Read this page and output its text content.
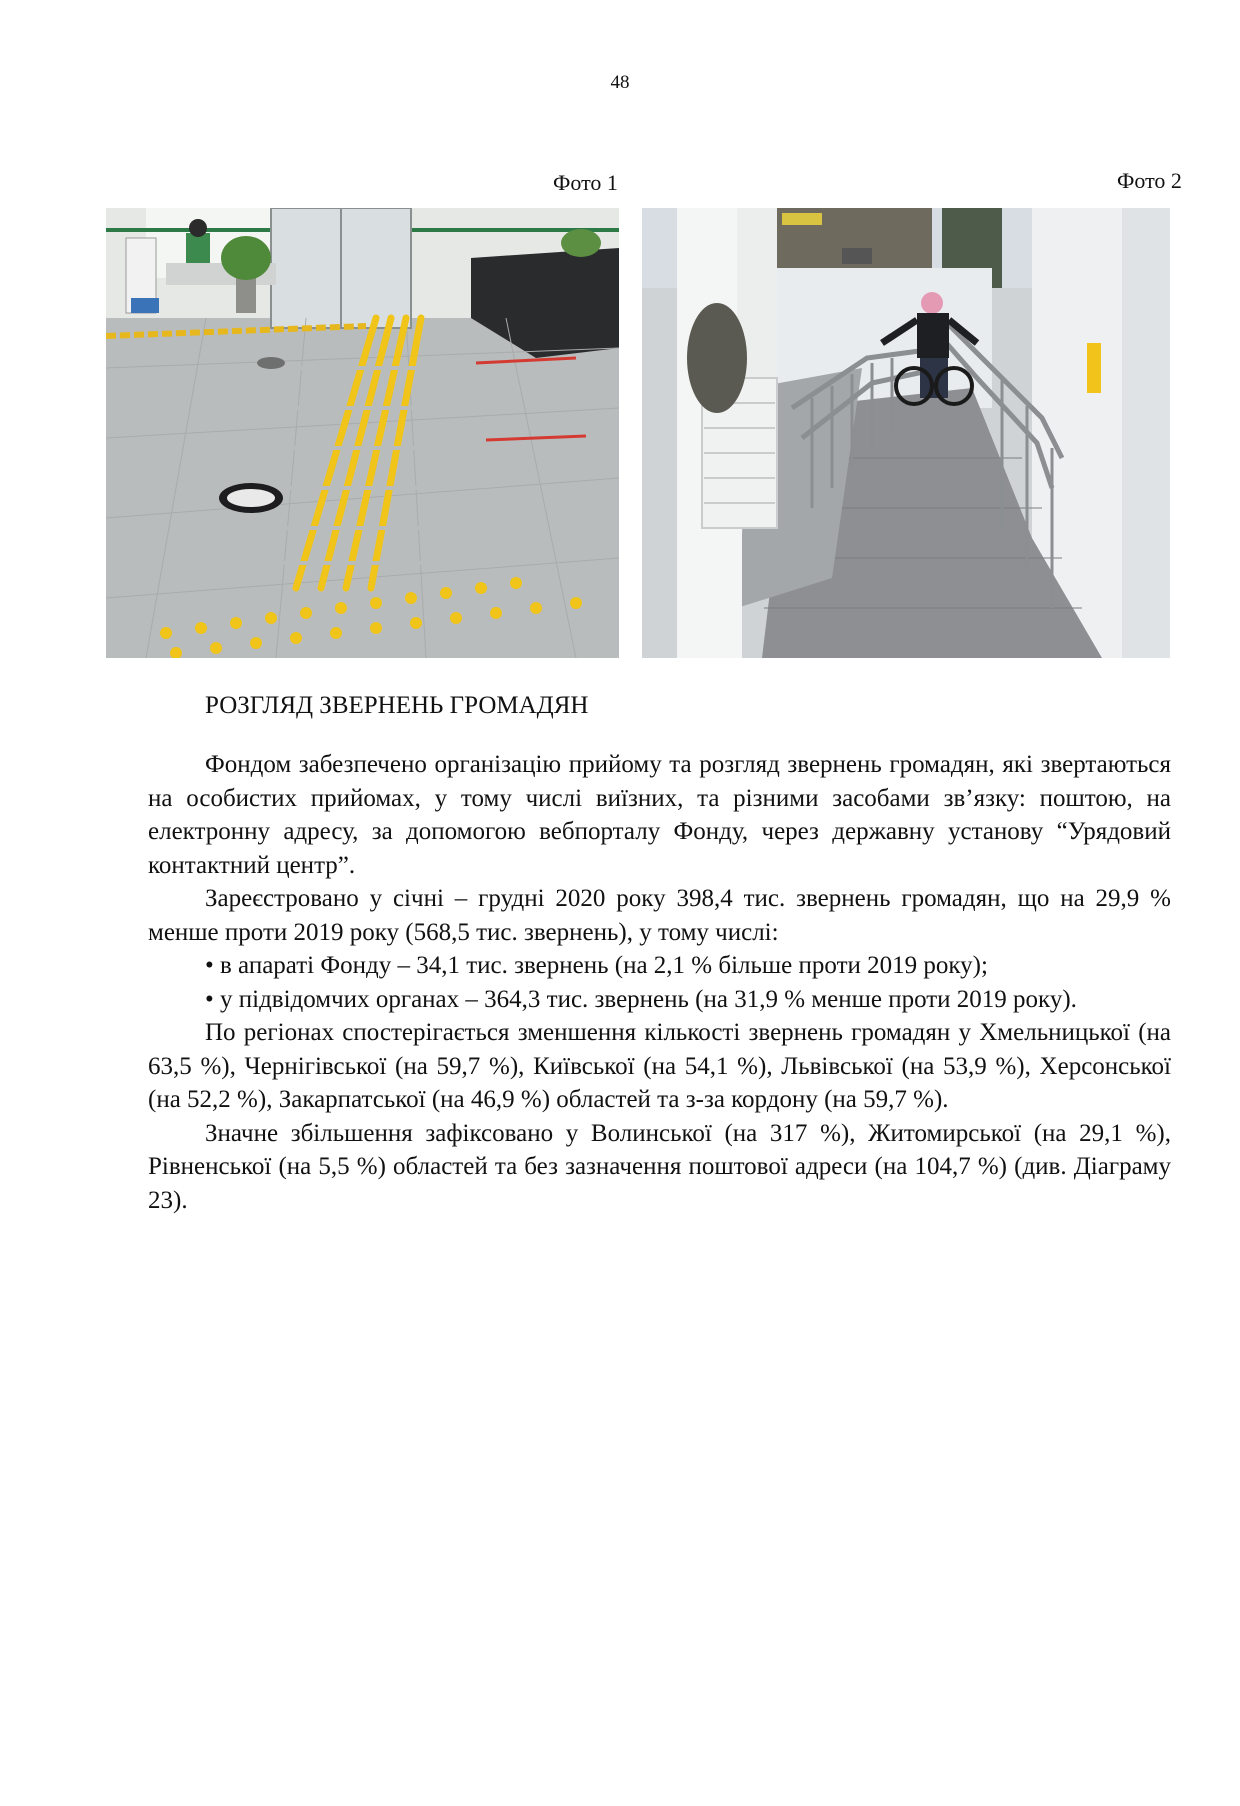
48
Фото 1	Фото 2
РОЗГЛЯД ЗВЕРНЕНЬ ГРОМАДЯН

Фондом забезпечено організацію прийому та розгляд звернень громадян, які звертаються на особистих прийомах, у тому числі виїзних, та різними засобами зв’язку: поштою, на електронну адресу, за допомогою вебпорталу Фонду, через державну установу “Урядовий контактний центр”.

Зареєстровано у січні – грудні 2020 року 398,4 тис. звернень громадян, що на 29,9 % менше проти 2019 року (568,5 тис. звернень), у тому числі:

• в апараті Фонду – 34,1 тис. звернень (на 2,1 % більше проти 2019 року);

• у підвідомчих органах – 364,3 тис. звернень (на 31,9 % менше проти 2019 року).

По регіонах спостерігається зменшення кількості звернень громадян у Хмельницької (на 63,5 %), Чернігівської (на 59,7 %), Київської (на 54,1 %), Львівської (на 53,9 %), Херсонської (на 52,2 %), Закарпатської (на 46,9 %) областей та з-за кордону (на 59,7 %).

Значне збільшення зафіксовано у Волинської (на 317 %), Житомирської (на 29,1 %), Рівненської (на 5,5 %) областей та без зазначення поштової адреси (на 104,7 %) (див. Діаграму 23).
